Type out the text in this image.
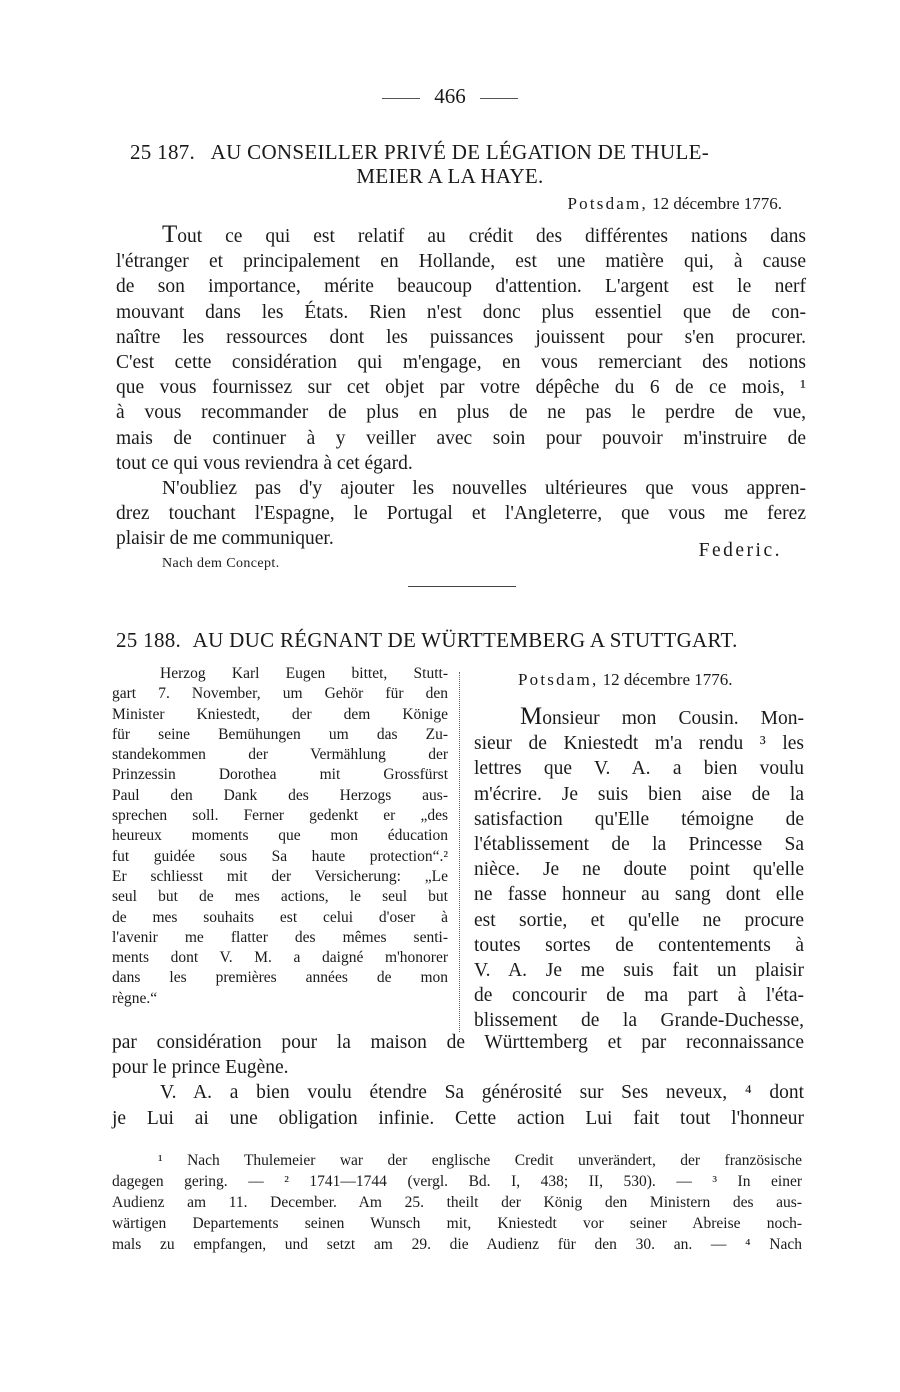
466
25 187. AU CONSEILLER PRIVÉ DE LÉGATION DE THULE-
MEIER A LA HAYE.
Potsdam, 12 décembre 1776.

Tout ce qui est relatif au crédit des différentes nations dans

l'étranger et principalement en Hollande, est une matière qui, à cause

de son importance, mérite beaucoup d'attention. L'argent est le nerf

mouvant dans les États. Rien n'est donc plus essentiel que de con-

naître les ressources dont les puissances jouissent pour s'en procurer.

C'est cette considération qui m'engage, en vous remerciant des notions

que vous fournissez sur cet objet par votre dépêche du 6 de ce mois, ¹

à vous recommander de plus en plus de ne pas le perdre de vue,

mais de continuer à y veiller avec soin pour pouvoir m'instruire de

tout ce qui vous reviendra à cet égard.

N'oubliez pas d'y ajouter les nouvelles ultérieures que vous appren-

drez touchant l'Espagne, le Portugal et l'Angleterre, que vous me ferez

plaisir de me communiquer.

Federic.
Nach dem Concept.
25 188. AU DUC RÉGNANT DE WÜRTTEMBERG A STUTTGART.

Herzog Karl Eugen bittet, Stutt-

gart 7. November, um Gehör für den

Minister Kniestedt, der dem Könige

für seine Bemühungen um das Zu-

standekommen der Vermählung der

Prinzessin Dorothea mit Grossfürst

Paul den Dank des Herzogs aus-

sprechen soll. Ferner gedenkt er „des

heureux moments que mon éducation

fut guidée sous Sa haute protection“.²

Er schliesst mit der Versicherung: „Le

seul but de mes actions, le seul but

de mes souhaits est celui d'oser à

l'avenir me flatter des mêmes senti-

ments dont V. M. a daigné m'honorer

dans les premières années de mon

règne.“

Potsdam, 12 décembre 1776.

Monsieur mon Cousin. Mon-

sieur de Kniestedt m'a rendu ³ les

lettres que V. A. a bien voulu

m'écrire. Je suis bien aise de la

satisfaction qu'Elle témoigne de

l'établissement de la Princesse Sa

nièce. Je ne doute point qu'elle

ne fasse honneur au sang dont elle

est sortie, et qu'elle ne procure

toutes sortes de contentements à

V. A. Je me suis fait un plaisir

de concourir de ma part à l'éta-

blissement de la Grande-Duchesse,

par considération pour la maison de Württemberg et par reconnaissance

pour le prince Eugène.

V. A. a bien voulu étendre Sa générosité sur Ses neveux, ⁴ dont

je Lui ai une obligation infinie. Cette action Lui fait tout l'honneur

¹ Nach Thulemeier war der englische Credit unverändert, der französische

dagegen gering. — ² 1741—1744 (vergl. Bd. I, 438; II, 530). — ³ In einer

Audienz am 11. December. Am 25. theilt der König den Ministern des aus-

wärtigen Departements seinen Wunsch mit, Kniestedt vor seiner Abreise noch-

mals zu empfangen, und setzt am 29. die Audienz für den 30. an. — ⁴ Nach
